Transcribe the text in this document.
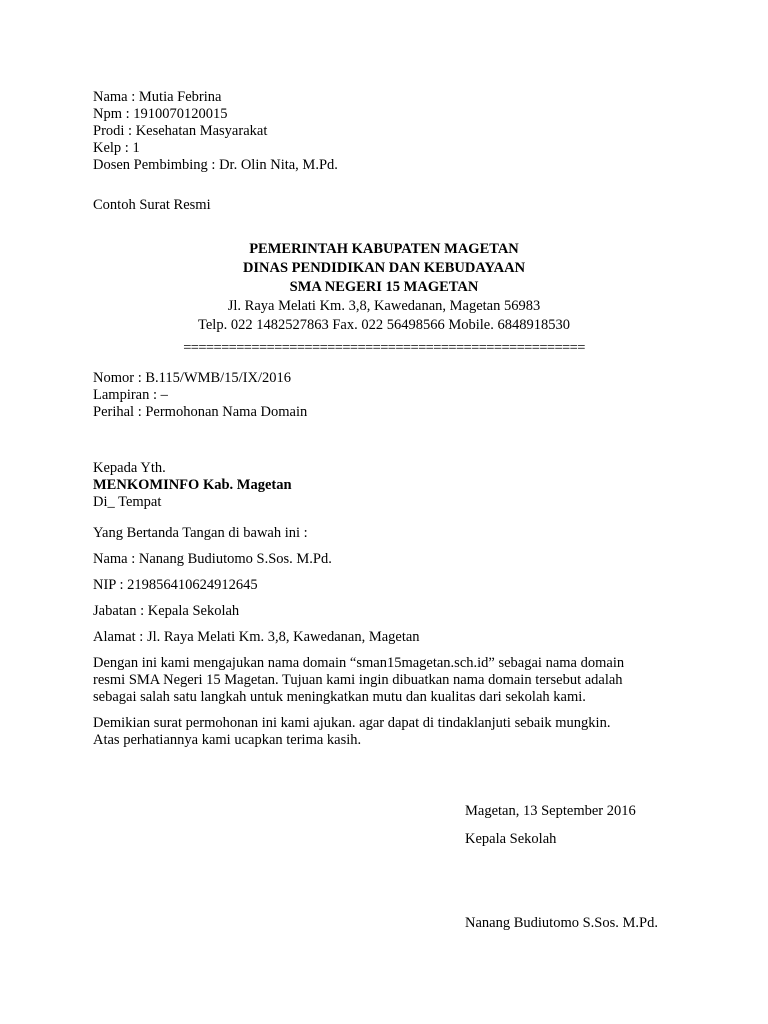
Nama : Mutia Febrina
Npm : 1910070120015
Prodi : Kesehatan Masyarakat
Kelp : 1
Dosen Pembimbing : Dr. Olin Nita, M.Pd.
Contoh Surat Resmi
PEMERINTAH KABUPATEN MAGETAN
DINAS PENDIDIKAN DAN KEBUDAYAAN
SMA NEGERI 15 MAGETAN
Jl. Raya Melati Km. 3,8, Kawedanan, Magetan 56983
Telp. 022 1482527863 Fax. 022 56498566 Mobile. 6848918530
=====================================================
Nomor : B.115/WMB/15/IX/2016
Lampiran : –
Perihal : Permohonan Nama Domain
Kepada Yth.
MENKOMINFO Kab. Magetan
Di_ Tempat
Yang Bertanda Tangan di bawah ini :
Nama : Nanang Budiutomo S.Sos. M.Pd.
NIP : 219856410624912645
Jabatan : Kepala Sekolah
Alamat : Jl. Raya Melati Km. 3,8, Kawedanan, Magetan
Dengan ini kami mengajukan nama domain “sman15magetan.sch.id” sebagai nama domain
resmi SMA Negeri 15 Magetan. Tujuan kami ingin dibuatkan nama domain tersebut adalah
sebagai salah satu langkah untuk meningkatkan mutu dan kualitas dari sekolah kami.
Demikian surat permohonan ini kami ajukan. agar dapat di tindaklanjuti sebaik mungkin.
Atas perhatiannya kami ucapkan terima kasih.
Magetan, 13 September 2016
Kepala Sekolah
Nanang Budiutomo S.Sos. M.Pd.
